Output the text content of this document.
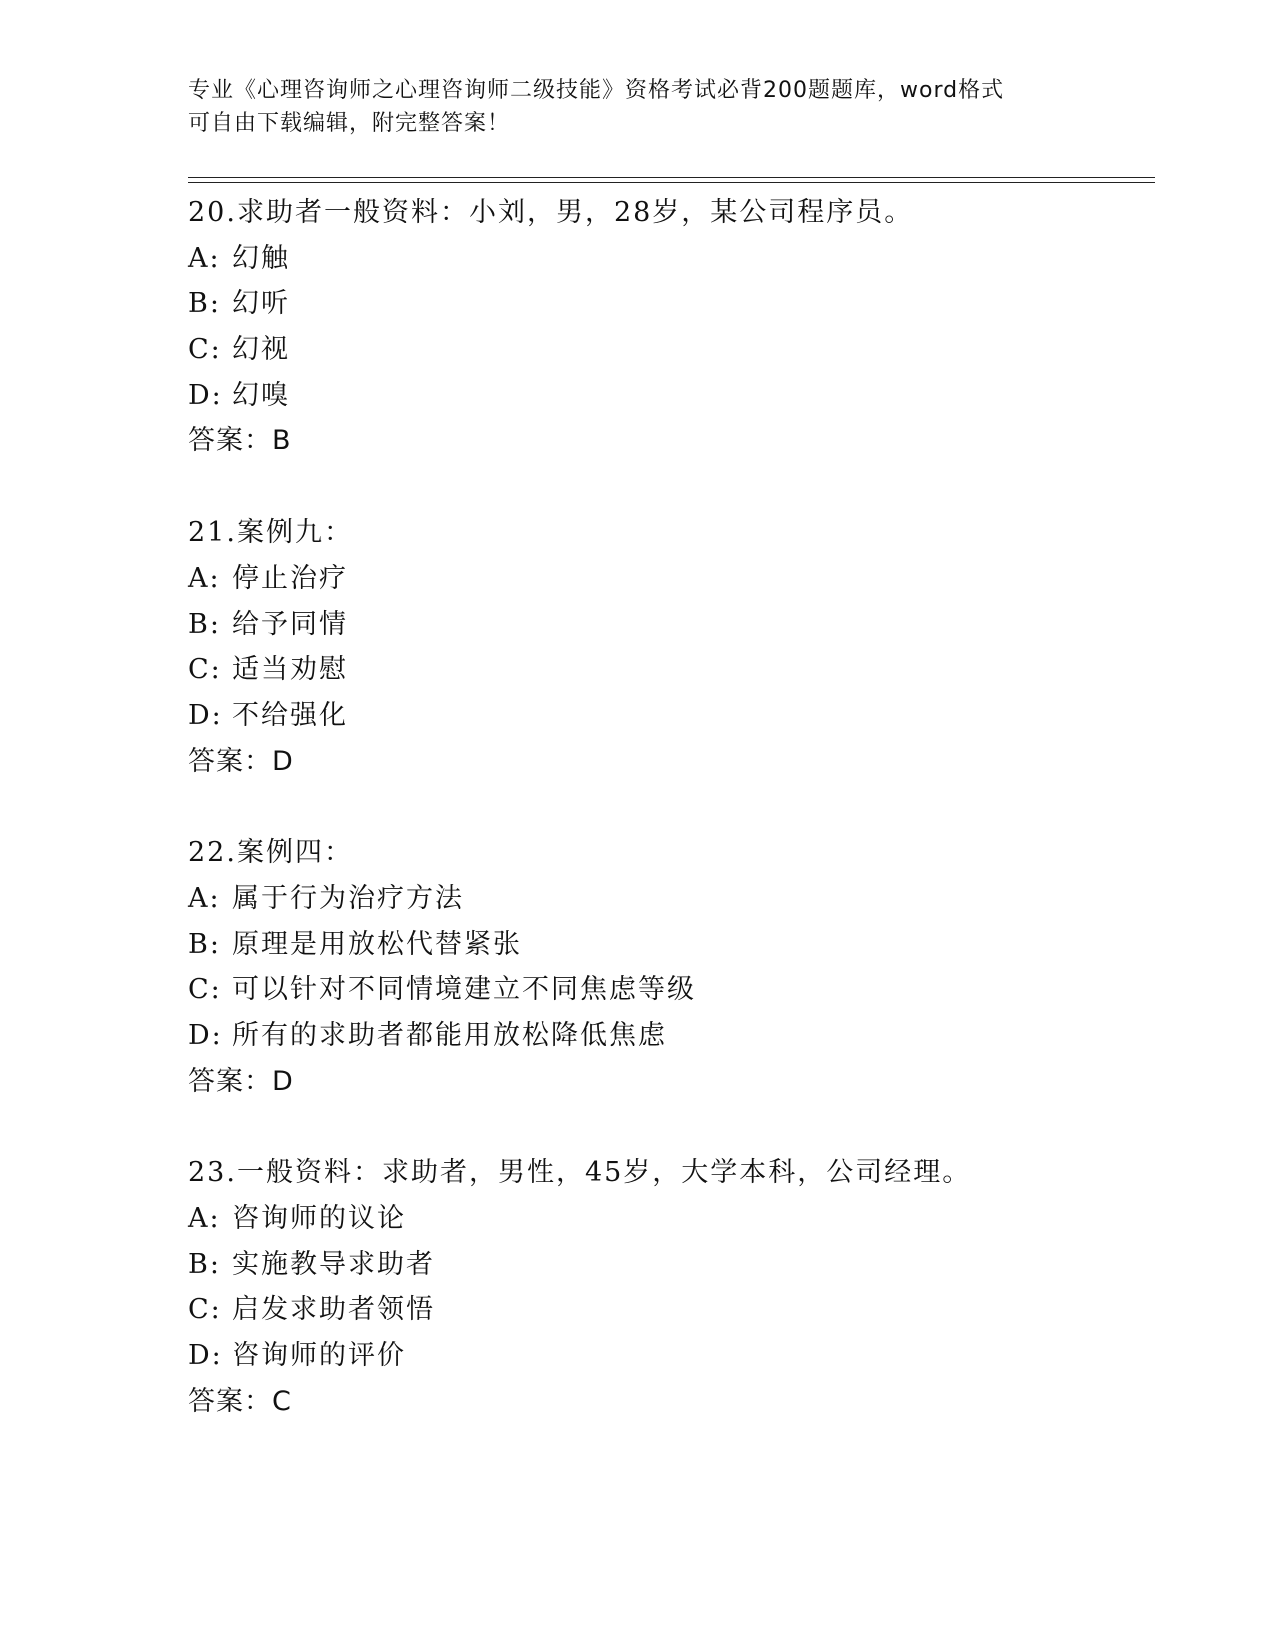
专业《心理咨询师之心理咨询师二级技能》资格考试必背200题题库，word格式
可自由下载编辑，附完整答案！
20.求助者一般资料：小刘，男，28岁，某公司程序员。
A: 幻触
B: 幻听
C: 幻视
D: 幻嗅
答案：B
21.案例九：
A: 停止治疗
B: 给予同情
C: 适当劝慰
D: 不给强化
答案：D
22.案例四：
A: 属于行为治疗方法
B: 原理是用放松代替紧张
C: 可以针对不同情境建立不同焦虑等级
D: 所有的求助者都能用放松降低焦虑
答案：D
23.一般资料：求助者，男性，45岁，大学本科，公司经理。
A: 咨询师的议论
B: 实施教导求助者
C: 启发求助者领悟
D: 咨询师的评价
答案：C
